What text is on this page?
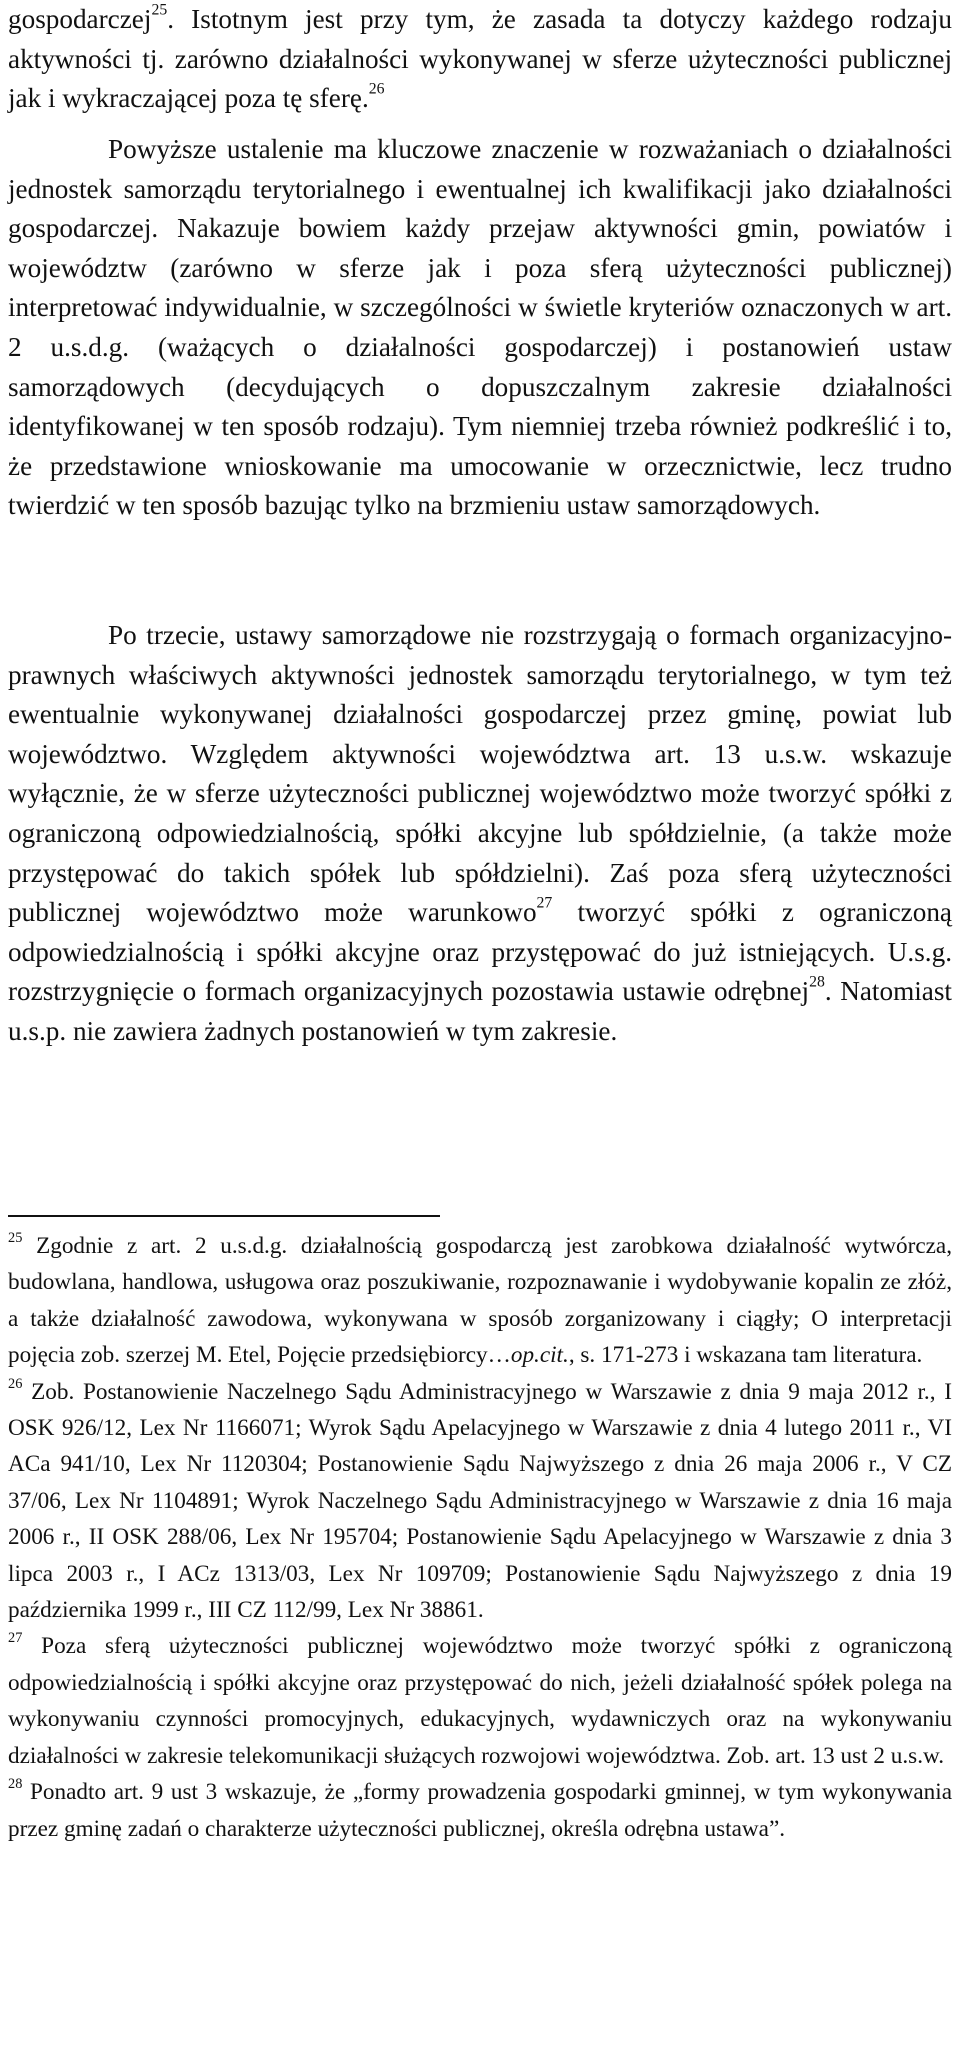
gospodarczej$^{25}$. Istotnym jest przy tym, że zasada ta dotyczy każdego rodzaju aktywności tj. zarówno działalności wykonywanej w sferze użyteczności publicznej jak i wykraczającej poza tę sferę.$^{26}$

Powyższe ustalenie ma kluczowe znaczenie w rozważaniach o działalności jednostek samorządu terytorialnego i ewentualnej ich kwalifikacji jako działalności gospodarczej. Nakazuje bowiem każdy przejaw aktywności gmin, powiatów i województw (zarówno w sferze jak i poza sferą użyteczności publicznej) interpretować indywidualnie, w szczególności w świetle kryteriów oznaczonych w art. 2 u.s.d.g. (ważących o działalności gospodarczej) i postanowień ustaw samorządowych (decydujących o dopuszczalnym zakresie działalności identyfikowanej w ten sposób rodzaju). Tym niemniej trzeba również podkreślić i to, że przedstawione wnioskowanie ma umocowanie w orzecznictwie, lecz trudno twierdzić w ten sposób bazując tylko na brzmieniu ustaw samorządowych.

Po trzecie, ustawy samorządowe nie rozstrzygają o formach organizacyjno-prawnych właściwych aktywności jednostek samorządu terytorialnego, w tym też ewentualnie wykonywanej działalności gospodarczej przez gminę, powiat lub województwo. Względem aktywności województwa art. 13 u.s.w. wskazuje wyłącznie, że w sferze użyteczności publicznej województwo może tworzyć spółki z ograniczoną odpowiedzialnością, spółki akcyjne lub spółdzielnie, (a także może przystępować do takich spółek lub spółdzielni). Zaś poza sferą użyteczności publicznej województwo może warunkowo$^{27}$ tworzyć spółki z ograniczoną odpowiedzialnością i spółki akcyjne oraz przystępować do już istniejących. U.s.g. rozstrzygnięcie o formach organizacyjnych pozostawia ustawie odrębnej$^{28}$. Natomiast u.s.p. nie zawiera żadnych postanowień w tym zakresie.

$^{25}$ Zgodnie z art. 2 u.s.d.g. działalnością gospodarczą jest zarobkowa działalność wytwórcza, budowlana, handlowa, usługowa oraz poszukiwanie, rozpoznawanie i wydobywanie kopalin ze złóż, a także działalność zawodowa, wykonywana w sposób zorganizowany i ciągły; O interpretacji pojęcia zob. szerzej M. Etel, Pojęcie przedsiębiorcy…op.cit., s. 171-273 i wskazana tam literatura.

$^{26}$ Zob. Postanowienie Naczelnego Sądu Administracyjnego w Warszawie z dnia 9 maja 2012 r., I OSK 926/12, Lex Nr 1166071; Wyrok Sądu Apelacyjnego w Warszawie z dnia 4 lutego 2011 r., VI ACa 941/10, Lex Nr 1120304; Postanowienie Sądu Najwyższego z dnia 26 maja 2006 r., V CZ 37/06, Lex Nr 1104891; Wyrok Naczelnego Sądu Administracyjnego w Warszawie z dnia 16 maja 2006 r., II OSK 288/06, Lex Nr 195704; Postanowienie Sądu Apelacyjnego w Warszawie z dnia 3 lipca 2003 r., I ACz 1313/03, Lex Nr 109709; Postanowienie Sądu Najwyższego z dnia 19 października 1999 r., III CZ 112/99, Lex Nr 38861.

$^{27}$ Poza sferą użyteczności publicznej województwo może tworzyć spółki z ograniczoną odpowiedzialnością i spółki akcyjne oraz przystępować do nich, jeżeli działalność spółek polega na wykonywaniu czynności promocyjnych, edukacyjnych, wydawniczych oraz na wykonywaniu działalności w zakresie telekomunikacji służących rozwojowi województwa. Zob. art. 13 ust 2 u.s.w.

$^{28}$ Ponadto art. 9 ust 3 wskazuje, że „formy prowadzenia gospodarki gminnej, w tym wykonywania przez gminę zadań o charakterze użyteczności publicznej, określa odrębna ustawa”.
